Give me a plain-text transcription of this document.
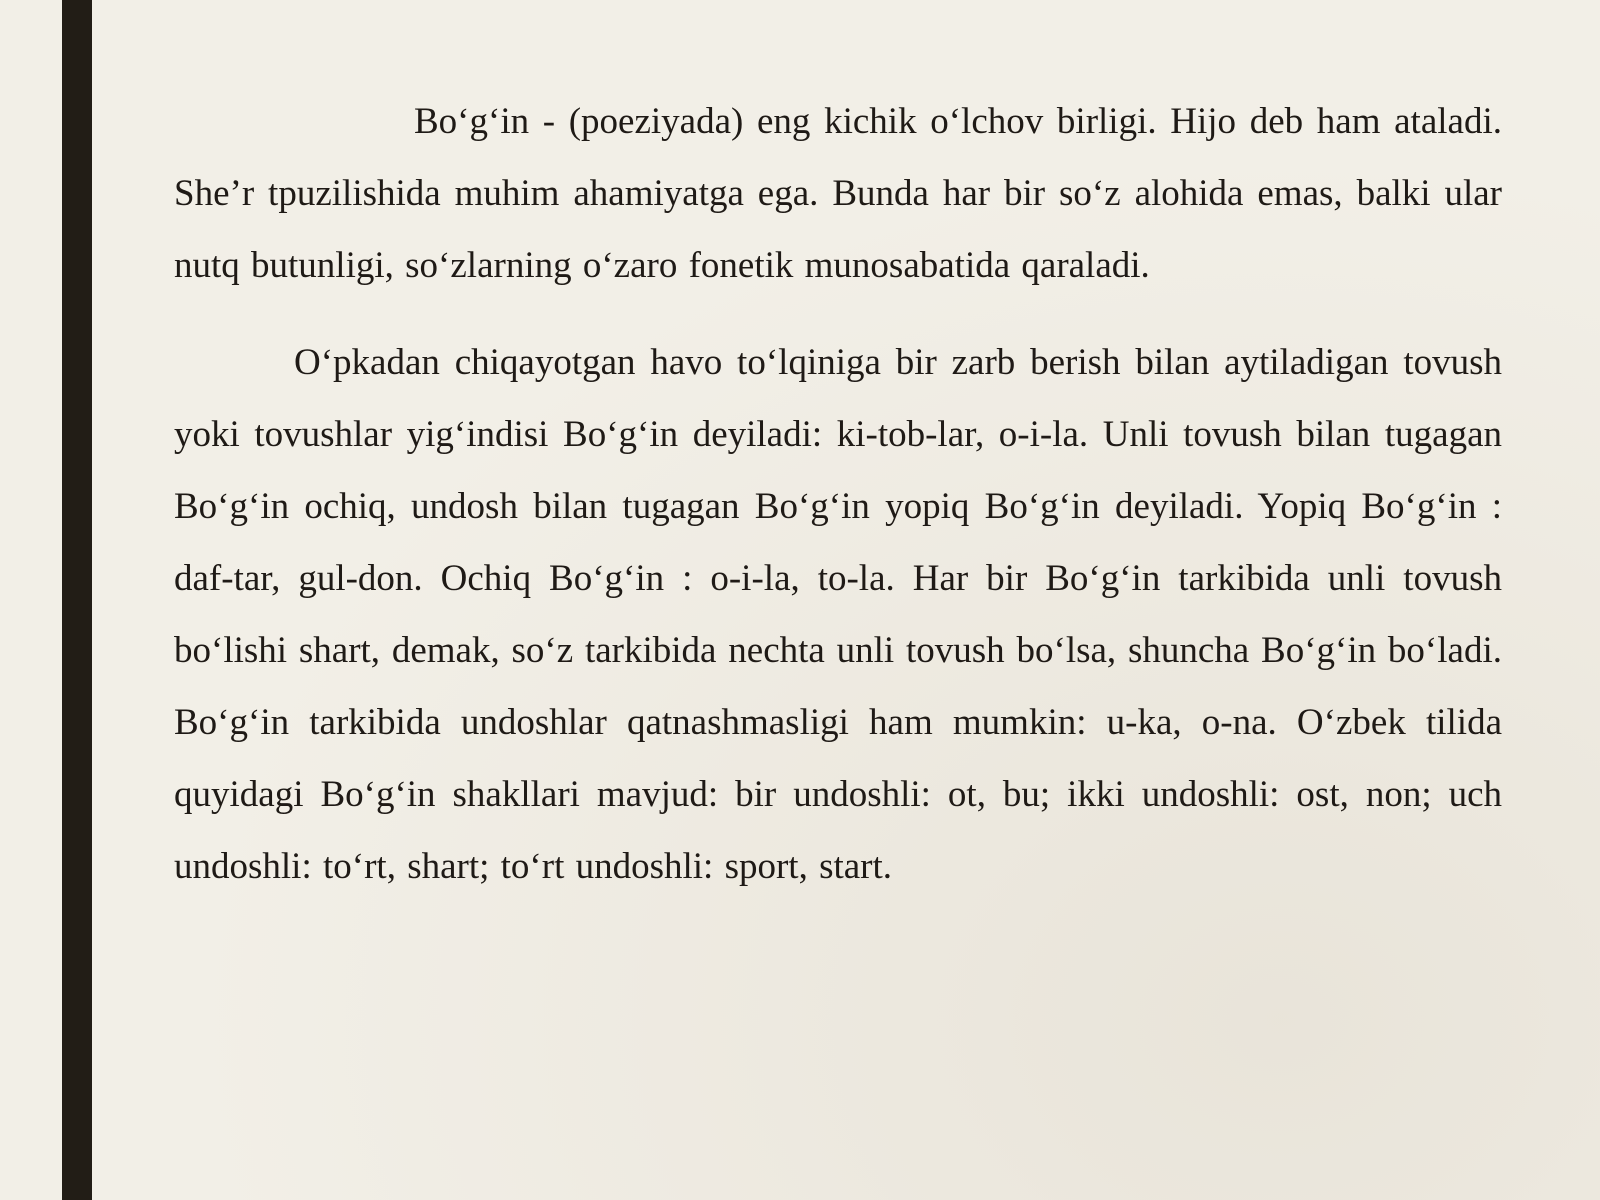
Bo‘g‘in - (poeziyada) eng kichik o‘lchov birligi. Hijo deb ham ataladi. She’r tpuzilishida muhim ahamiyatga ega. Bunda har bir so‘z alohida emas, balki ular nutq butunligi, so‘zlarning o‘zaro fonetik munosabatida qaraladi.

O‘pkadan chiqayotgan havo to‘lqiniga bir zarb berish bilan aytiladigan tovush yoki tovushlar yig‘indisi Bo‘g‘in deyiladi: ki-tob-lar, o-i-la. Unli tovush bilan tugagan Bo‘g‘in ochiq, undosh bilan tugagan Bo‘g‘in yopiq Bo‘g‘in deyiladi. Yopiq Bo‘g‘in : daf-tar, gul-don. Ochiq Bo‘g‘in : o-i-la, to-la. Har bir Bo‘g‘in tarkibida unli tovush bo‘lishi shart, demak, so‘z tarkibida nechta unli tovush bo‘lsa, shuncha Bo‘g‘in bo‘ladi. Bo‘g‘in tarkibida undoshlar qatnashmasligi ham mumkin: u-ka, o-na. O‘zbek tilida quyidagi Bo‘g‘in shakllari mavjud: bir undoshli: ot, bu; ikki undoshli: ost, non; uch undoshli: to‘rt, shart; to‘rt undoshli: sport, start.
